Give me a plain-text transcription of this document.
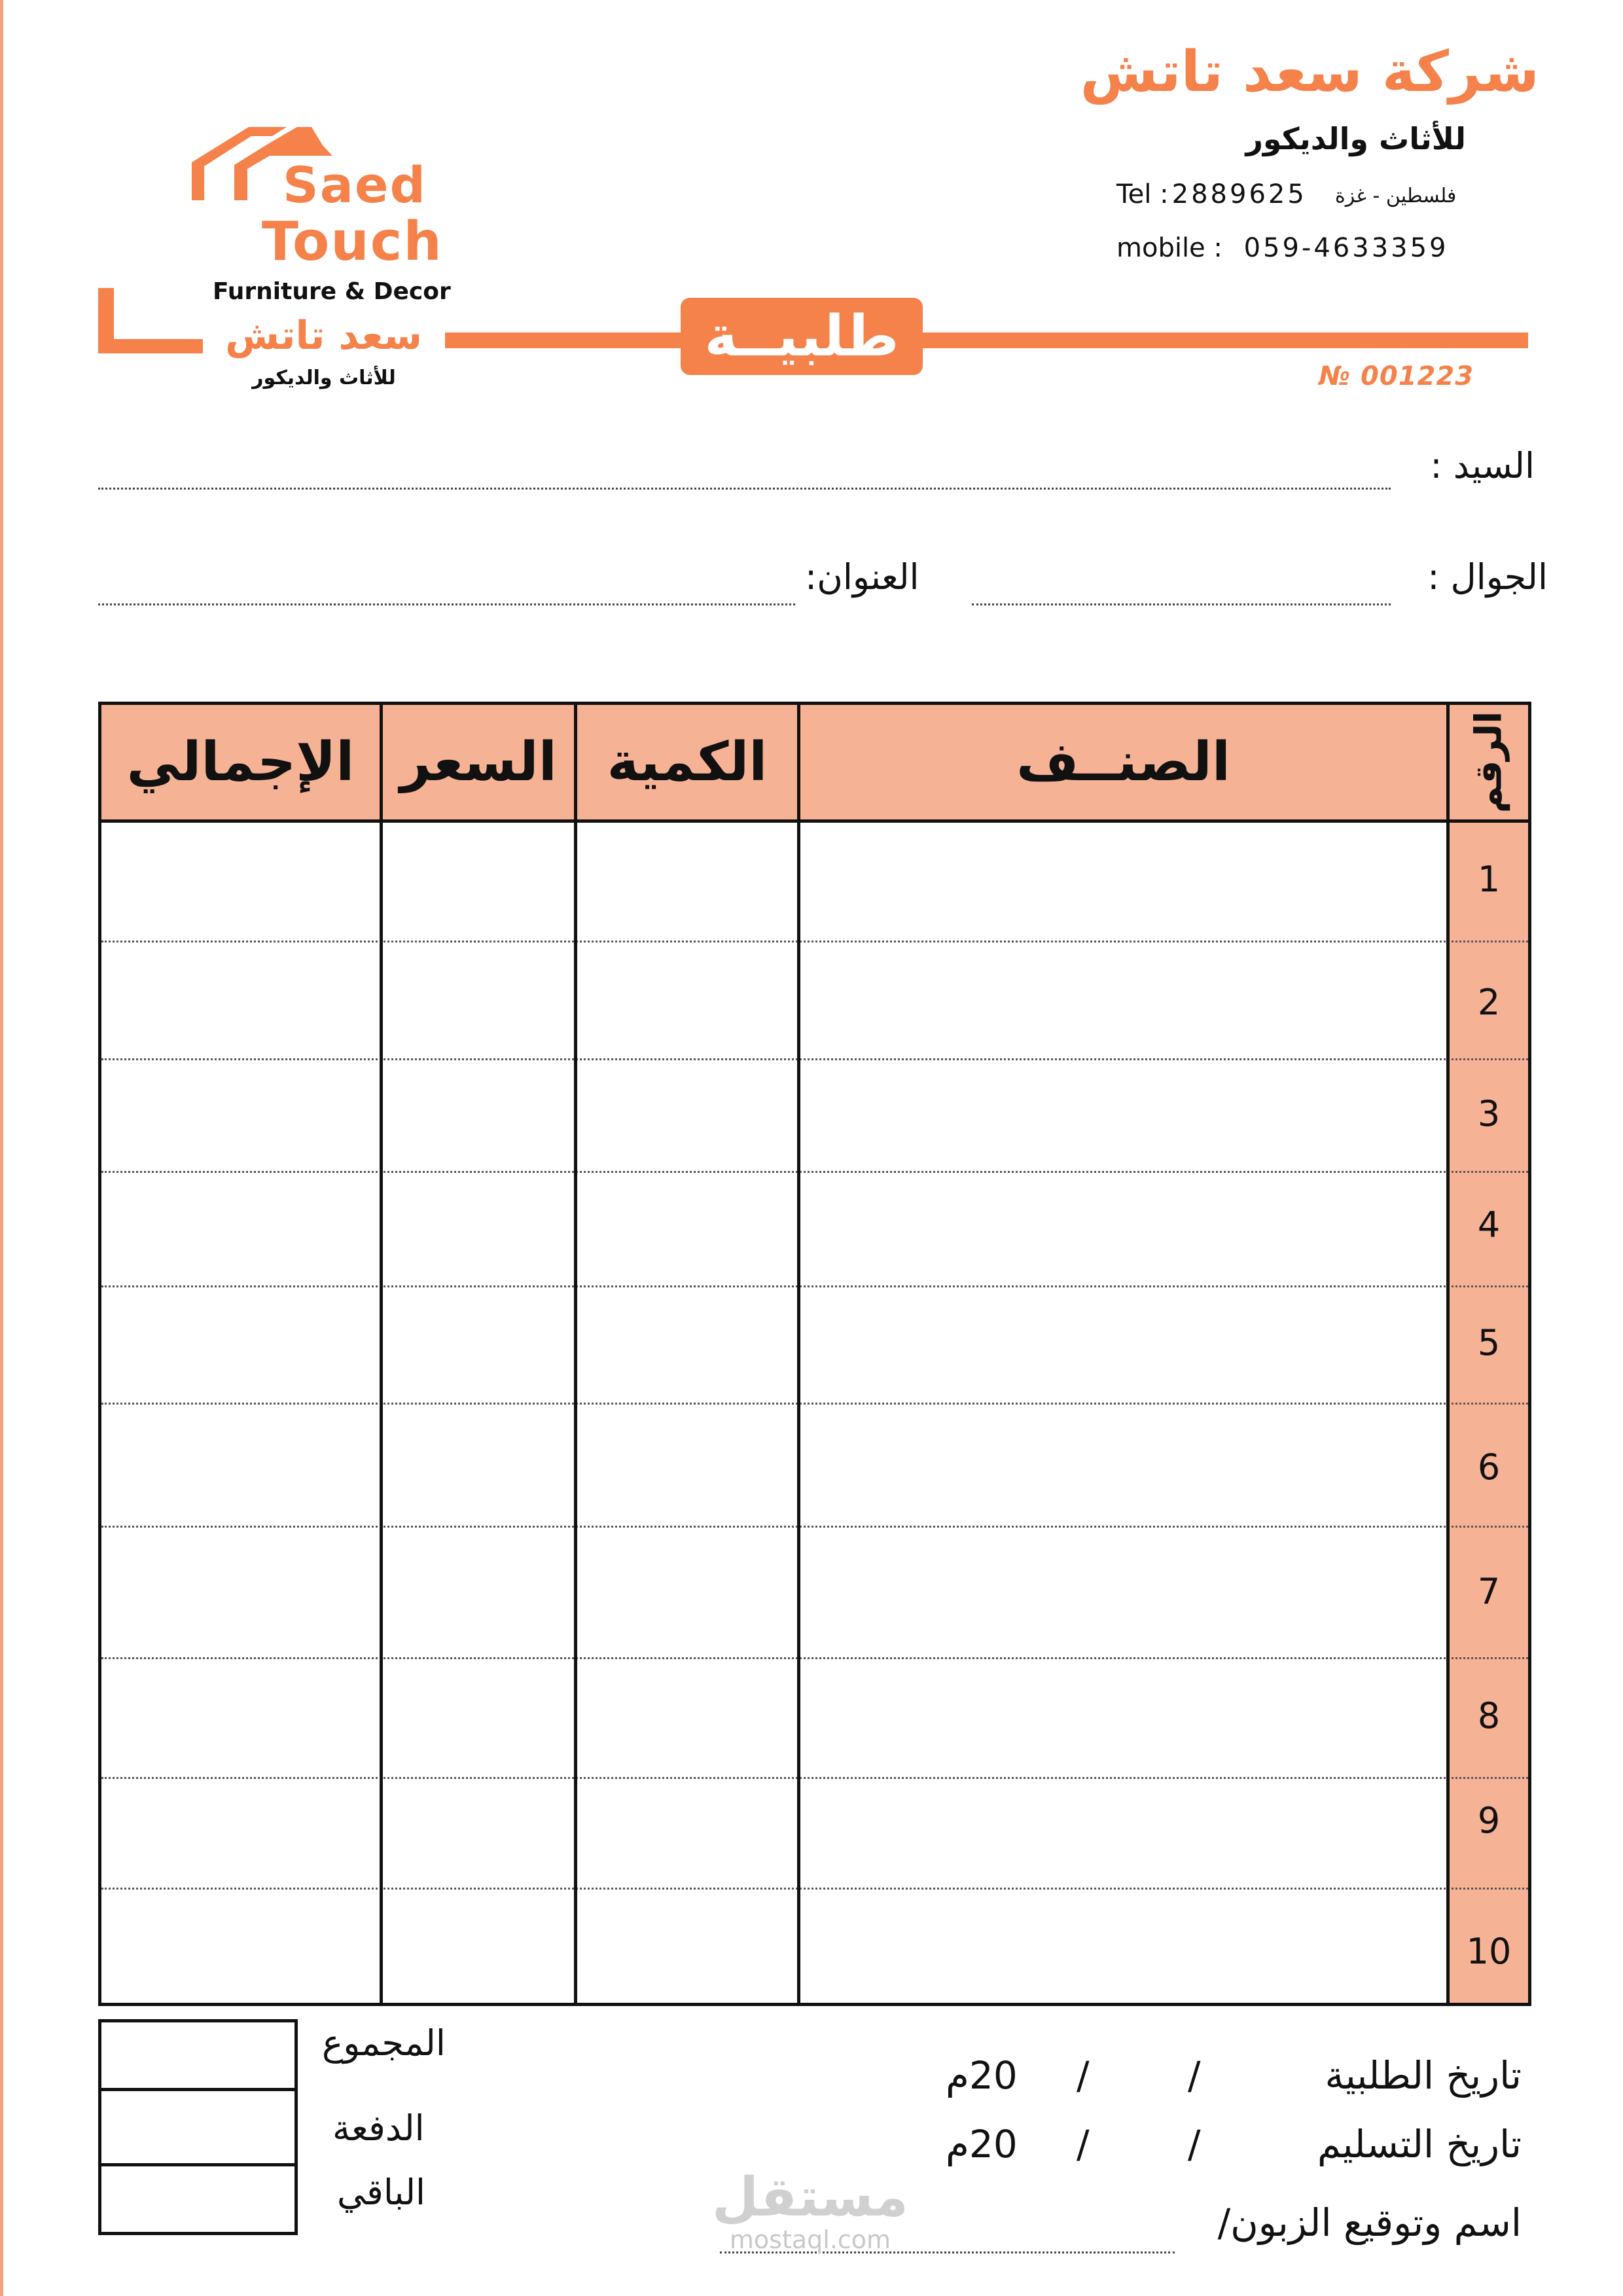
Saed
Touch
Furniture & Decor
سعد تاتش
للأثاث والديكور
طلبيــة
№ 001223
شركة سعد تاتش
للأثاث والديكور
Tel : 2889625 فلسطين - غزة
mobile : 059-4633359
السيد :
الجوال :
العنوان:
الإجمالي السعر الكمية	الصنــف	الرقم
1
2
3
4
5
6
7
8
9
10
المجموع
الدفعة
الباقي
تاريخ الطلبية
/
/
20م
تاريخ التسليم
/
/
20م
اسم وتوقيع الزبون/
مستقل
mostaql.com
